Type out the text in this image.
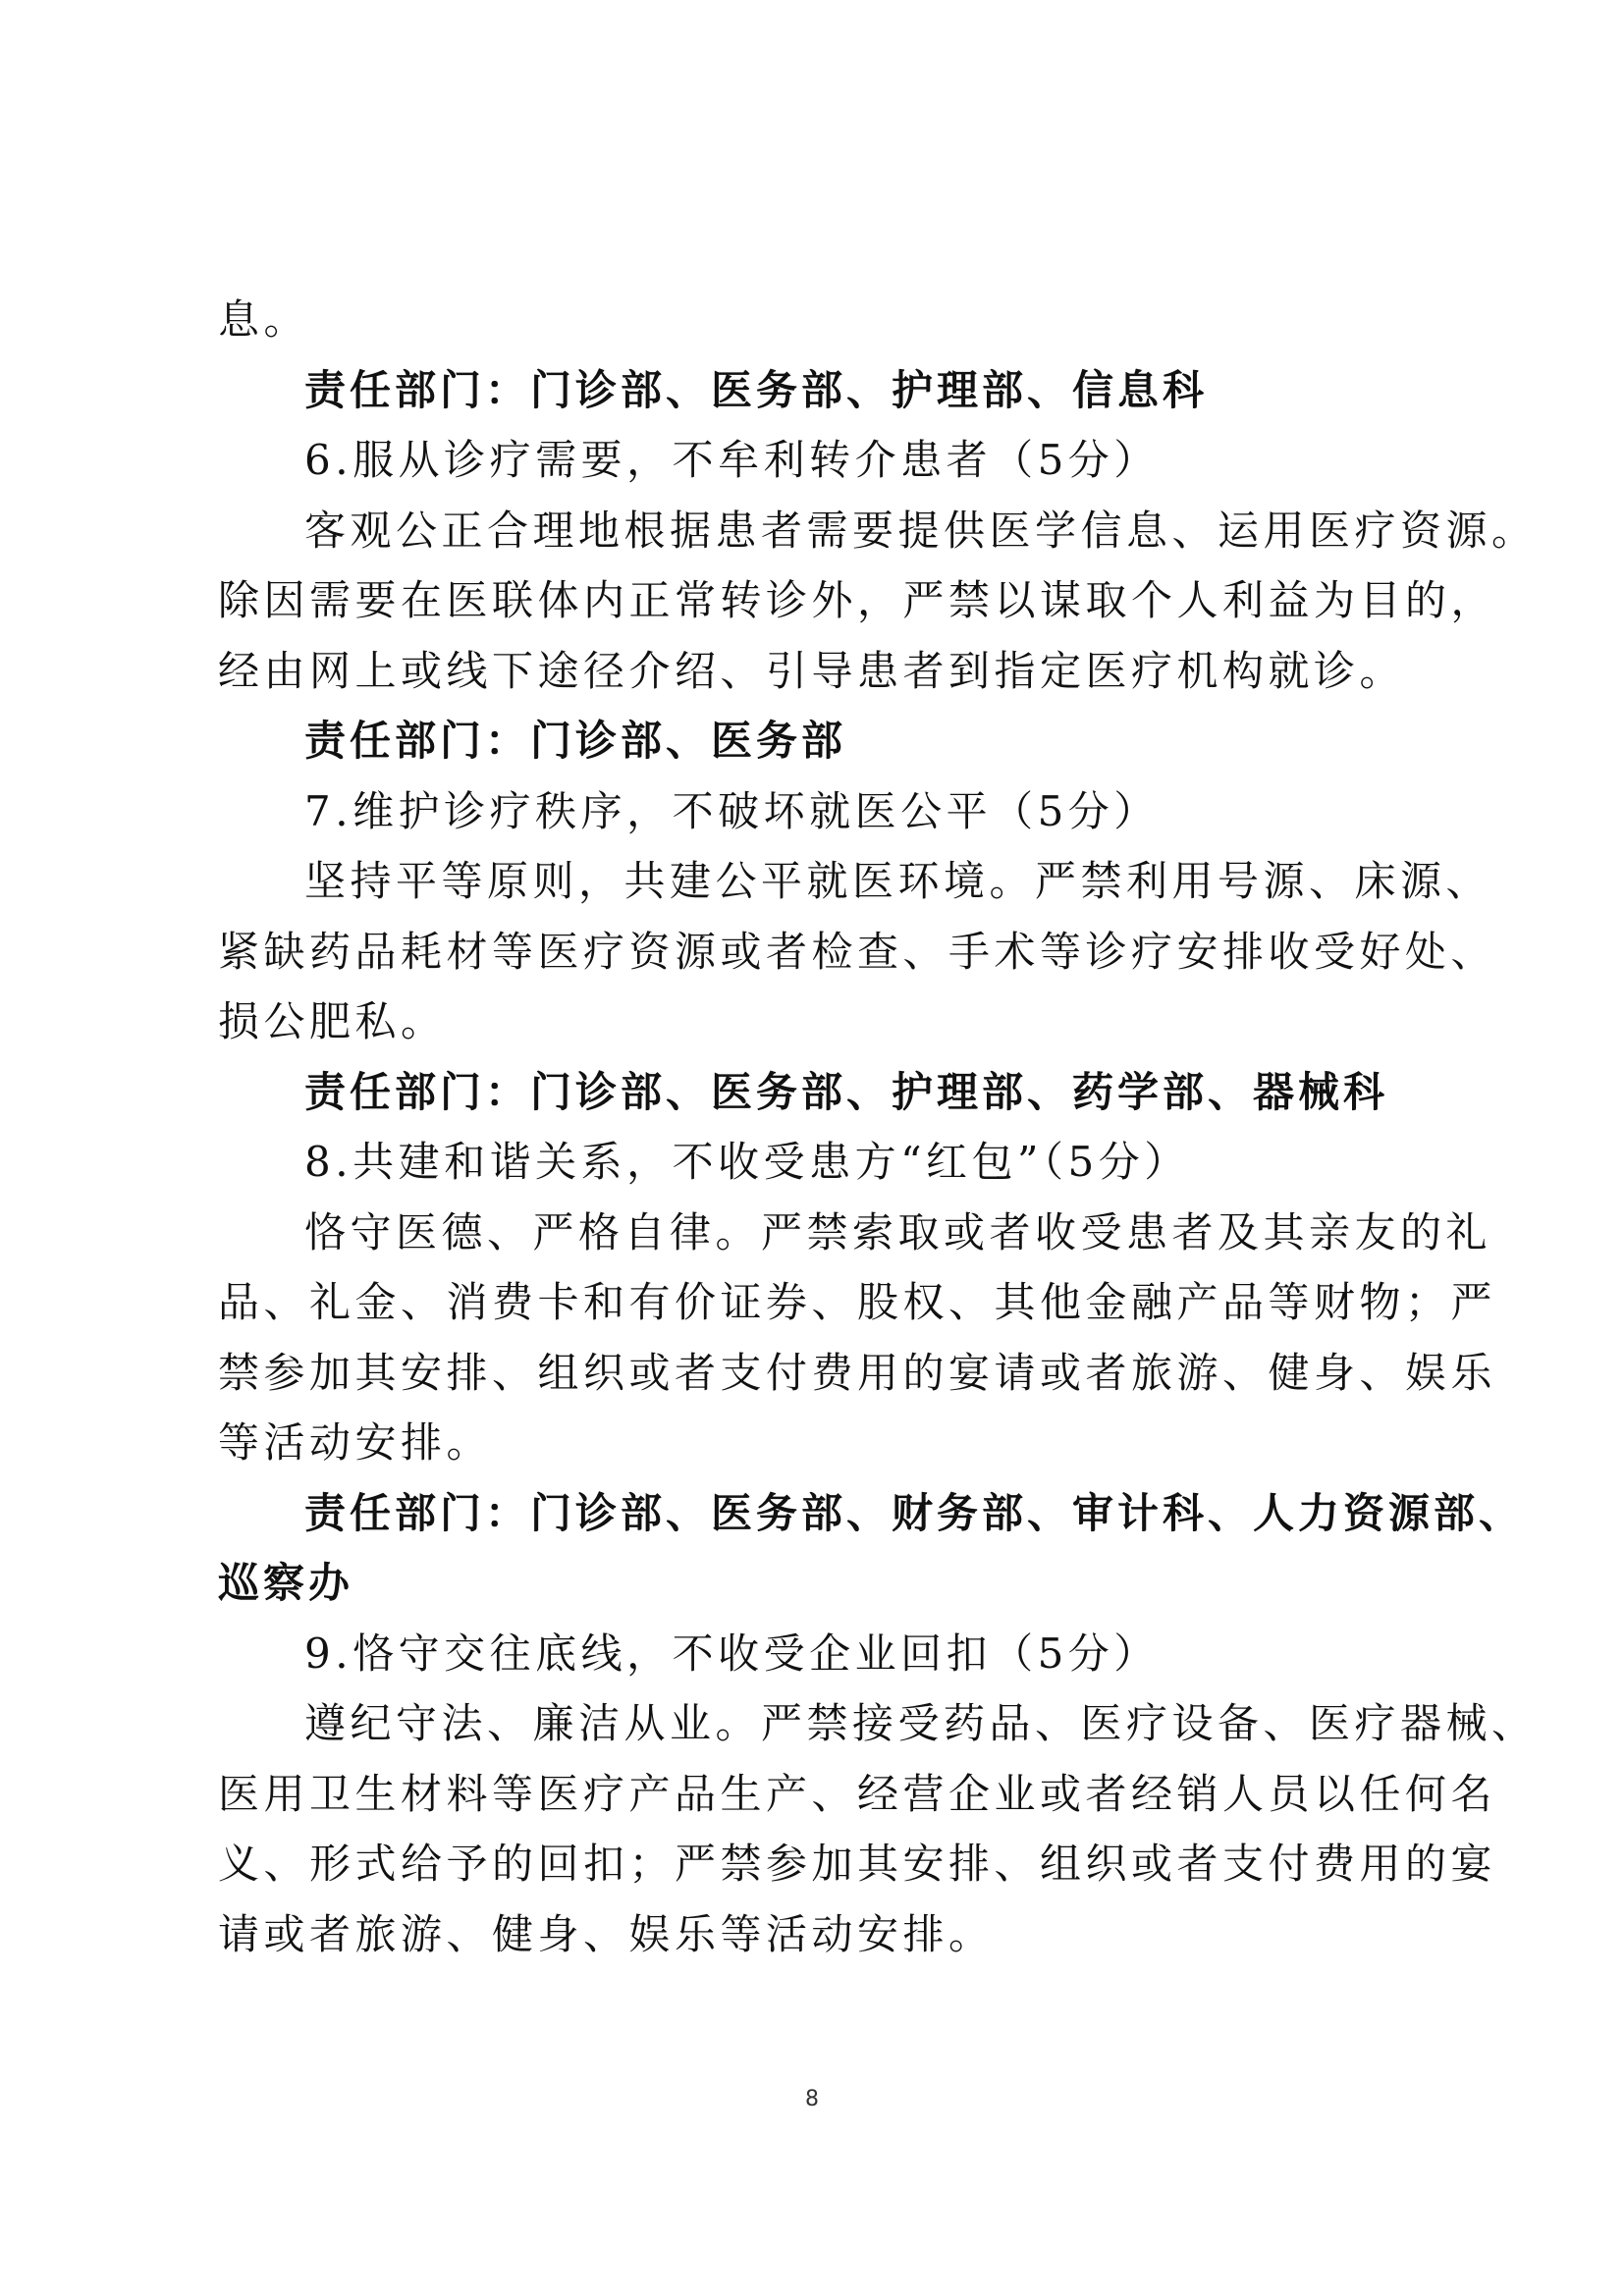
息。
责任部门：门诊部、医务部、护理部、信息科
6.服从诊疗需要，不牟利转介患者（5分）
客观公正合理地根据患者需要提供医学信息、运用医疗资源。
除因需要在医联体内正常转诊外，严禁以谋取个人利益为目的，
经由网上或线下途径介绍、引导患者到指定医疗机构就诊。
责任部门：门诊部、医务部
7.维护诊疗秩序，不破坏就医公平（5分）
坚持平等原则，共建公平就医环境。严禁利用号源、床源、
紧缺药品耗材等医疗资源或者检查、手术等诊疗安排收受好处、
损公肥私。
责任部门：门诊部、医务部、护理部、药学部、器械科
8.共建和谐关系，不收受患方“红包”（5分）
恪守医德、严格自律。严禁索取或者收受患者及其亲友的礼
品、礼金、消费卡和有价证券、股权、其他金融产品等财物；严
禁参加其安排、组织或者支付费用的宴请或者旅游、健身、娱乐
等活动安排。
责任部门：门诊部、医务部、财务部、审计科、人力资源部、
巡察办
9.恪守交往底线，不收受企业回扣（5分）
遵纪守法、廉洁从业。严禁接受药品、医疗设备、医疗器械、
医用卫生材料等医疗产品生产、经营企业或者经销人员以任何名
义、形式给予的回扣；严禁参加其安排、组织或者支付费用的宴
请或者旅游、健身、娱乐等活动安排。
8
